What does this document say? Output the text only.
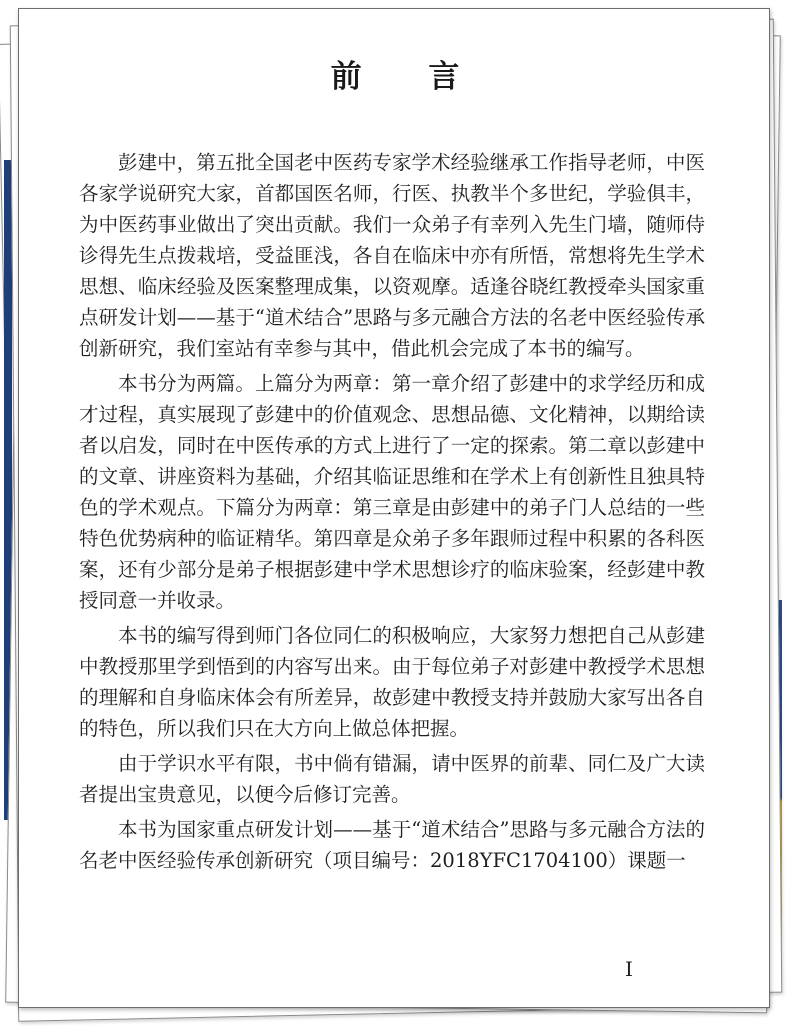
前 言

彭建中，第五批全国老中医药专家学术经验继承工作指导老师，中医各家学说研究大家，首都国医名师，行医、执教半个多世纪，学验俱丰，为中医药事业做出了突出贡献。我们一众弟子有幸列入先生门墙，随师侍诊得先生点拨栽培，受益匪浅，各自在临床中亦有所悟，常想将先生学术思想、临床经验及医案整理成集，以资观摩。适逢谷晓红教授牵头国家重点研发计划——基于“道术结合”思路与多元融合方法的名老中医经验传承创新研究，我们室站有幸参与其中，借此机会完成了本书的编写。

本书分为两篇。上篇分为两章：第一章介绍了彭建中的求学经历和成才过程，真实展现了彭建中的价值观念、思想品德、文化精神，以期给读者以启发，同时在中医传承的方式上进行了一定的探索。第二章以彭建中的文章、讲座资料为基础，介绍其临证思维和在学术上有创新性且独具特色的学术观点。下篇分为两章：第三章是由彭建中的弟子门人总结的一些特色优势病种的临证精华。第四章是众弟子多年跟师过程中积累的各科医案，还有少部分是弟子根据彭建中学术思想诊疗的临床验案，经彭建中教授同意一并收录。

本书的编写得到师门各位同仁的积极响应，大家努力想把自己从彭建中教授那里学到悟到的内容写出来。由于每位弟子对彭建中教授学术思想的理解和自身临床体会有所差异，故彭建中教授支持并鼓励大家写出各自的特色，所以我们只在大方向上做总体把握。

由于学识水平有限，书中倘有错漏，请中医界的前辈、同仁及广大读者提出宝贵意见，以便今后修订完善。

本书为国家重点研发计划——基于“道术结合”思路与多元融合方法的名老中医经验传承创新研究（项目编号：2018YFC1704100）课题一

I
